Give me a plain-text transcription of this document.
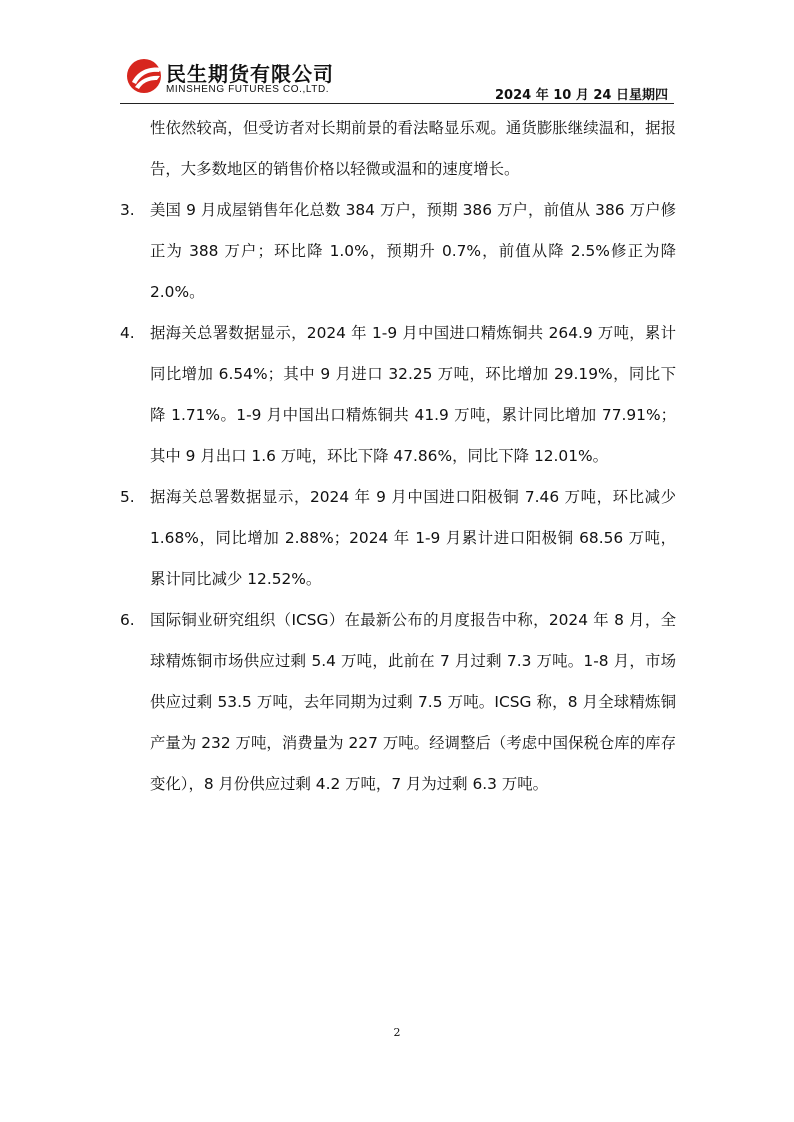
民生期货有限公司
MINSHENG FUTURES CO.,LTD.	2024 年 10 月 24 日星期四

性依然较高，但受访者对长期前景的看法略显乐观。通货膨胀继续温和，据报告，大多数地区的销售价格以轻微或温和的速度增长。

3. 美国 9 月成屋销售年化总数 384 万户，预期 386 万户，前值从 386 万户修正为 388 万户；环比降 1.0%，预期升 0.7%，前值从降 2.5%修正为降 2.0%。

4. 据海关总署数据显示，2024 年 1-9 月中国进口精炼铜共 264.9 万吨，累计同比增加 6.54%；其中 9 月进口 32.25 万吨，环比增加 29.19%，同比下降 1.71%。1-9 月中国出口精炼铜共 41.9 万吨，累计同比增加 77.91%；其中 9 月出口 1.6 万吨，环比下降 47.86%，同比下降 12.01%。

5. 据海关总署数据显示，2024 年 9 月中国进口阳极铜 7.46 万吨，环比减少 1.68%，同比增加 2.88%；2024 年 1-9 月累计进口阳极铜 68.56 万吨，累计同比减少 12.52%。

6. 国际铜业研究组织（ICSG）在最新公布的月度报告中称，2024 年 8 月，全球精炼铜市场供应过剩 5.4 万吨，此前在 7 月过剩 7.3 万吨。1-8 月，市场供应过剩 53.5 万吨，去年同期为过剩 7.5 万吨。ICSG 称，8 月全球精炼铜产量为 232 万吨，消费量为 227 万吨。经调整后（考虑中国保税仓库的库存变化），8 月份供应过剩 4.2 万吨，7 月为过剩 6.3 万吨。

2
